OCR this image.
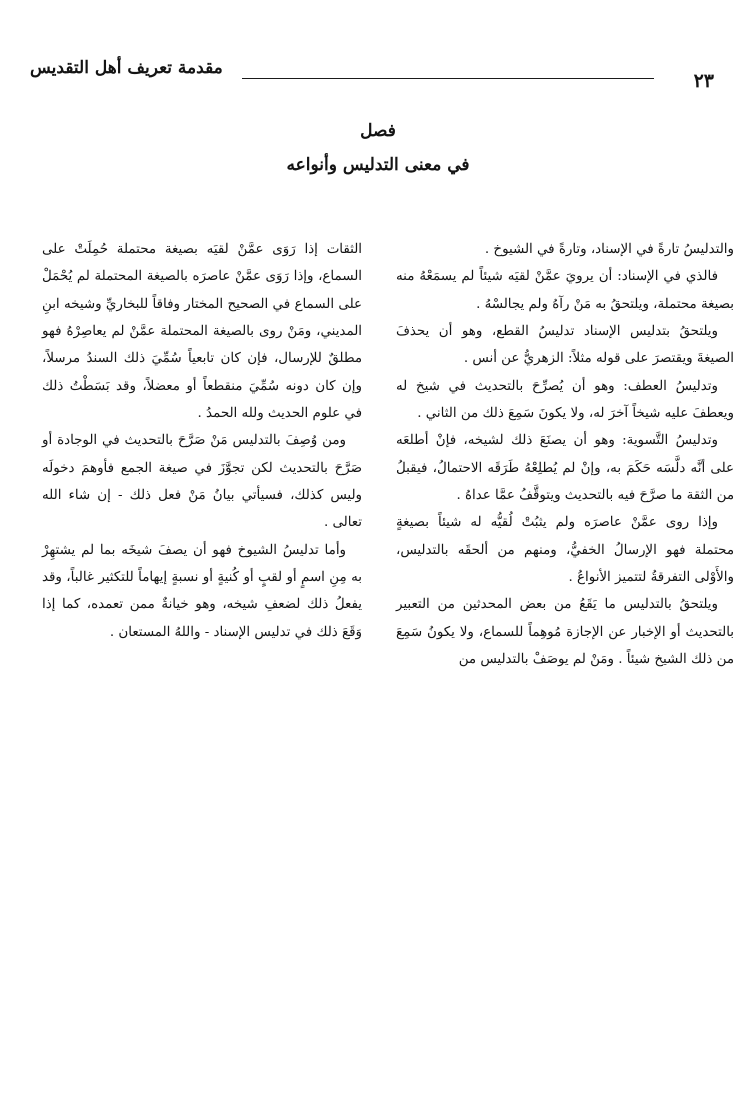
٢٣
مقدمة تعريف أهل التقديس
فصل
في معنى التدليس وأنواعه

والتدليسُ تارةً في الإسناد، وتارةً في الشيوخ .

فالذي في الإسناد: أن يرويَ عمَّنْ لقيَه شيئاً لم يسمَعْهُ منه بصيغة محتملة، ويلتحقُ به مَنْ رآهُ ولم يجالسْهُ .

ويلتحقُ بتدليس الإسناد تدليسُ القطع، وهو أن يحذفَ الصيغةَ ويقتصرَ على قوله مثلاً: الزهريُّ عن أنس .

وتدليسُ العطف: وهو أن يُصرِّحَ بالتحديث في شيخ له ويعطفَ عليه شيخاً آخرَ له، ولا يكونَ سَمِعَ ذلك من الثاني .

وتدليسُ التَّسوية: وهو أن يصنَعَ ذلك لشيخه، فإنْ أطلعَه على أنَّه دلَّسَه حَكَمَ به، وإنْ لم يُطلِعْهُ طَرَقَه الاحتمالُ، فيقبلُ من الثقة ما صرَّحَ فيه بالتحديث ويتوقَّفُ عمَّا عداهُ .

وإذا روى عمَّنْ عاصرَه ولم يثبُتْ لُقيُّه له شيئاً بصيغةٍ محتملة فهو الإرسالُ الخفيُّ، ومنهم من ألحقَه بالتدليس، والأَوْلى التفرقةُ لتتميز الأنواعُ .

ويلتحقُ بالتدليس ما يَقَعُ من بعض المحدثين من التعبير بالتحديث أو الإخبار عن الإجازة مُوهِماً للسماع، ولا يكونُ سَمِعَ من ذلك الشيخ شيئاً . ومَنْ لم يوصَفْ بالتدليس من

الثقات إذا رَوَى عمَّنْ لقيَه بصيغة محتملة حُمِلَتْ على السماع، وإذا رَوَى عمَّنْ عاصرَه بالصيغة المحتملة لم يُحْمَلْ على السماع في الصحيح المختار وفاقاً للبخاريِّ وشيخه ابنِ المديني، ومَنْ روى بالصيغة المحتملة عمَّنْ لم يعاصِرْهُ فهو مطلقٌ للإرسال، فإن كان تابعياً سُمِّيَ ذلك السندُ مرسلاً، وإن كان دونه سُمِّيَ منقطعاً أو معضلاً، وقد بَسَطْتُ ذلك في علوم الحديث ولله الحمدُ .

ومن وُصِفَ بالتدليس مَنْ صَرَّحَ بالتحديث في الوجادة أو صَرَّحَ بالتحديث لكن تجوَّزَ في صيغة الجمع فأوهمَ دخولَه وليس كذلك، فسيأتي بيانُ مَنْ فعل ذلك - إن شاء الله تعالى .

وأما تدليسُ الشيوخ فهو أن يصفَ شيخَه بما لم يشتهِرْ به مِنِ اسمٍ أو لقبٍ أو كُنيةٍ أو نسبةٍ إيهاماً للتكثير غالباً، وقد يفعلُ ذلك لضعفِ شيخه، وهو خيانةٌ ممن تعمده، كما إذا وَقَعَ ذلك في تدليس الإسناد - واللهُ المستعان .
